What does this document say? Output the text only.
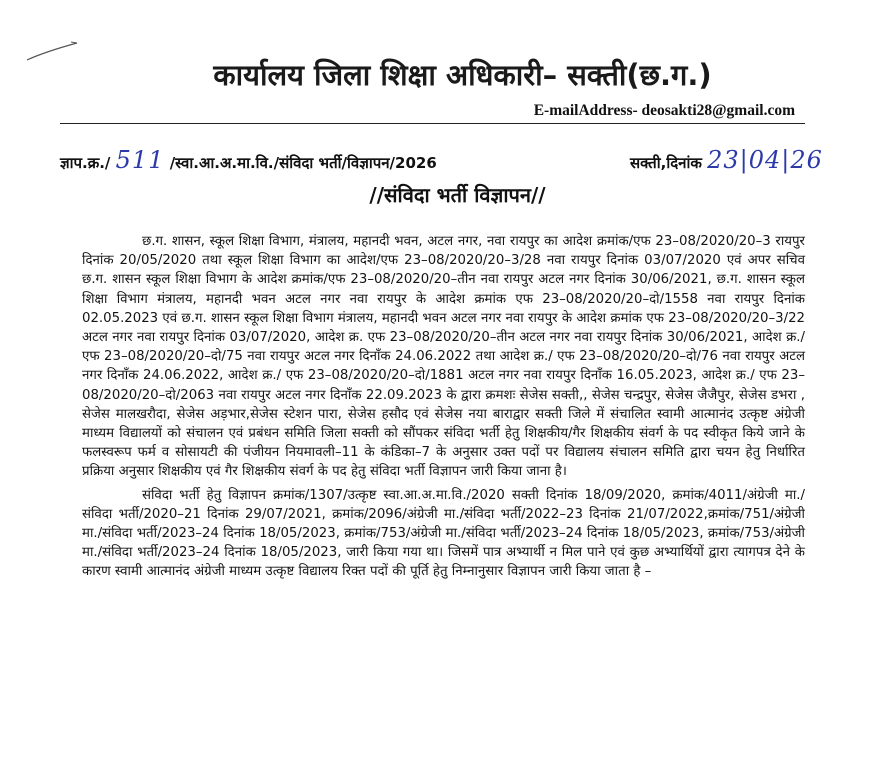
कार्यालय जिला शिक्षा अधिकारी– सक्ती(छ.ग.)
E-mailAddress- deosakti28@gmail.com
ज्ञाप.क्र./ 511 /स्वा.आ.अ.मा.वि./संविदा भर्ती/विज्ञापन/2026	सक्ती,दिनांक 23|04|26
//संविदा भर्ती विज्ञापन//

छ.ग. शासन, स्कूल शिक्षा विभाग, मंत्रालय, महानदी भवन, अटल नगर, नवा रायपुर का आदेश क्रमांक/एफ 23–08/2020/20–3 रायपुर दिनांक 20/05/2020 तथा स्कूल शिक्षा विभाग का आदेश/एफ 23–08/2020/20–3/28 नवा रायपुर दिनांक 03/07/2020 एवं अपर सचिव छ.ग. शासन स्कूल शिक्षा विभाग के आदेश क्रमांक/एफ 23–08/2020/20–तीन नवा रायपुर अटल नगर दिनांक 30/06/2021, छ.ग. शासन स्कूल शिक्षा विभाग मंत्रालय, महानदी भवन अटल नगर नवा रायपुर के आदेश क्रमांक एफ 23–08/2020/20–दो/1558 नवा रायपुर दिनांक 02.05.2023 एवं छ.ग. शासन स्कूल शिक्षा विभाग मंत्रालय, महानदी भवन अटल नगर नवा रायपुर के आदेश क्रमांक एफ 23–08/2020/20–3/22 अटल नगर नवा रायपुर दिनांक 03/07/2020, आदेश क्र. एफ 23–08/2020/20–तीन अटल नगर नवा रायपुर दिनांक 30/06/2021, आदेश क्र./ एफ 23–08/2020/20–दो/75 नवा रायपुर अटल नगर दिनाँक 24.06.2022 तथा आदेश क्र./ एफ 23–08/2020/20–दो/76 नवा रायपुर अटल नगर दिनाँक 24.06.2022, आदेश क्र./ एफ 23–08/2020/20–दो/1881 अटल नगर नवा रायपुर दिनाँक 16.05.2023, आदेश क्र./ एफ 23–08/2020/20–दो/2063 नवा रायपुर अटल नगर दिनाँक 22.09.2023 के द्वारा क्रमशः सेजेस सक्ती,, सेजेस चन्द्रपुर, सेजेस जैजैपुर, सेजेस डभरा , सेजेस मालखरौदा, सेजेस अड़भार,सेजेस स्टेशन पारा, सेजेस हसौद एवं सेजेस नया बाराद्वार सक्ती जिले में संचालित स्वामी आत्मानंद उत्कृष्ट अंग्रेजी माध्यम विद्यालयों को संचालन एवं प्रबंधन समिति जिला सक्ती को सौंपकर संविदा भर्ती हेतु शिक्षकीय/गैर शिक्षकीय संवर्ग के पद स्वीकृत किये जाने के फलस्वरूप फर्म व सोसायटी की पंजीयन नियमावली–11 के कंडिका–7 के अनुसार उक्त पदों पर विद्यालय संचालन समिति द्वारा चयन हेतु निर्धारित प्रक्रिया अनुसार शिक्षकीय एवं गैर शिक्षकीय संवर्ग के पद हेतु संविदा भर्ती विज्ञापन जारी किया जाना है।

संविदा भर्ती हेतु विज्ञापन क्रमांक/1307/उत्कृष्ट स्वा.आ.अ.मा.वि./2020 सक्ती दिनांक 18/09/2020, क्रमांक/4011/अंग्रेजी मा./संविदा भर्ती/2020–21 दिनांक 29/07/2021, क्रमांक/2096/अंग्रेजी मा./संविदा भर्ती/2022–23 दिनांक 21/07/2022,क्रमांक/751/अंग्रेजी मा./संविदा भर्ती/2023–24 दिनांक 18/05/2023, क्रमांक/753/अंग्रेजी मा./संविदा भर्ती/2023–24 दिनांक 18/05/2023, क्रमांक/753/अंग्रेजी मा./संविदा भर्ती/2023–24 दिनांक 18/05/2023, जारी किया गया था। जिसमें पात्र अभ्यार्थी न मिल पाने एवं कुछ अभ्यार्थियों द्वारा त्यागपत्र देने के कारण स्वामी आत्मानंद अंग्रेजी माध्यम उत्कृष्ट विद्यालय रिक्त पदों की पूर्ति हेतु निम्नानुसार विज्ञापन जारी किया जाता है –
